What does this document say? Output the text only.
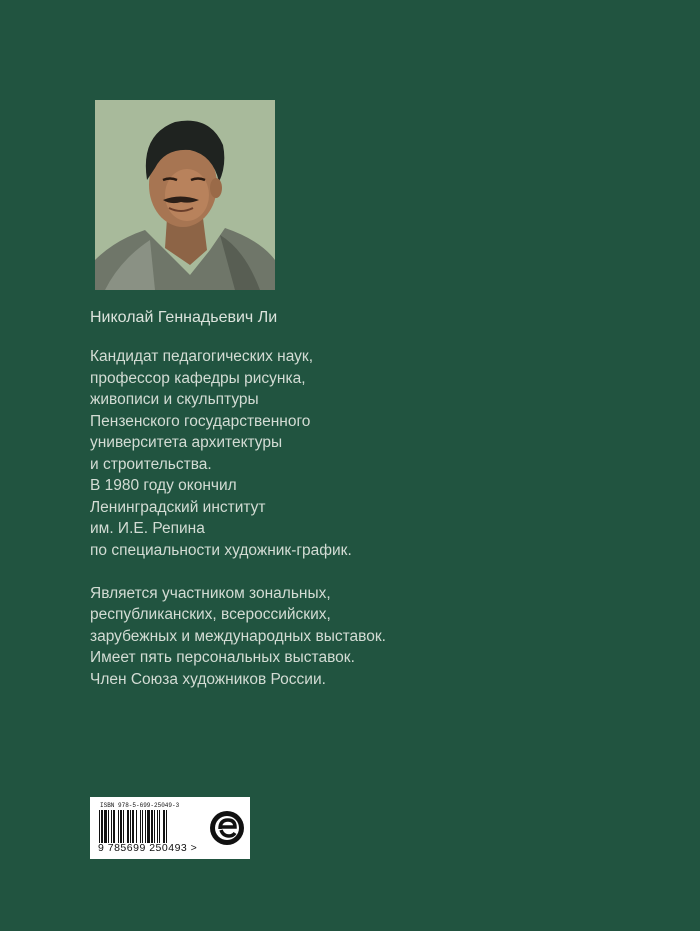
Николай Геннадьевич Ли
Кандидат педагогических наук,
профессор кафедры рисунка,
живописи и скульптуры
Пензенского государственного
университета архитектуры
и строительства.
В 1980 году окончил
Ленинградский институт
им. И.Е. Репина
по специальности художник-график.
Является участником зональных,
республиканских, всероссийских,
зарубежных и международных выставок.
Имеет пять персональных выставок.
Член Союза художников России.
ISBN 978-5-699-25049-3
9 785699 250493 >
